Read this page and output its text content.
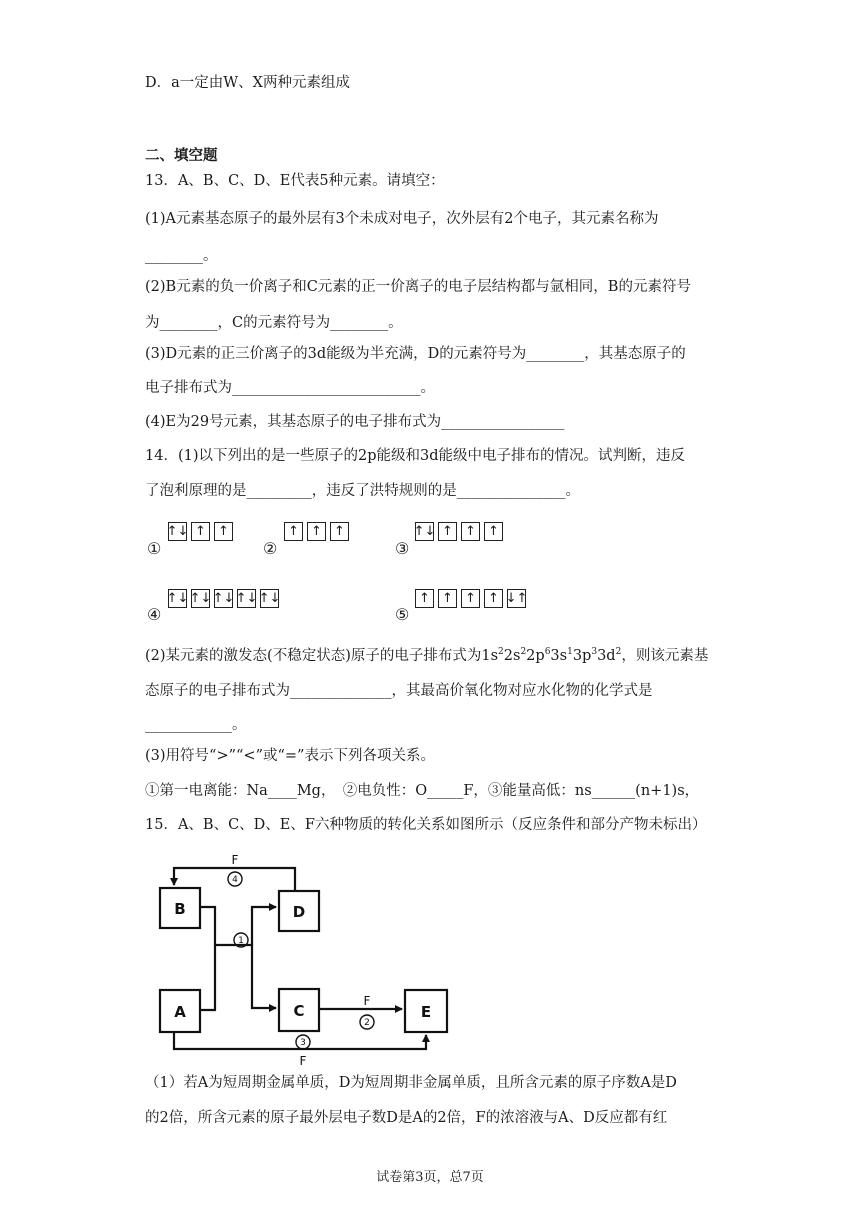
D．a一定由W、X两种元素组成
二、填空题
13．A、B、C、D、E代表5种元素。请填空：
(1)A元素基态原子的最外层有3个未成对电子，次外层有2个电子，其元素名称为
________。
(2)B元素的负一价离子和C元素的正一价离子的电子层结构都与氩相同，B的元素符号
为________，C的元素符号为________。
(3)D元素的正三价离子的3d能级为半充满，D的元素符号为________，其基态原子的
电子排布式为__________________________。
(4)E为29号元素，其基态原子的电子排布式为_________________
14．(1)以下列出的是一些原子的2p能级和3d能级中电子排布的情况。试判断，违反
了泡利原理的是_________，违反了洪特规则的是_______________。
①
↑↓ ↑ ↑
②
↑ ↑ ↑
③
↑↓ ↑ ↑ ↑
④
↑↓ ↑↓ ↑↓ ↑↓ ↑↓
⑤
↑ ↑ ↑ ↑ ↓↑
(2)某元素的激发态(不稳定状态)原子的电子排布式为$1s^22s^22p^63s^13p^33d^2$，则该元素基
态原子的电子排布式为______________，其最高价氧化物对应水化物的化学式是
____________。
(3)用符号“>”“<”或“=”表示下列各项关系。
①第一电离能：Na____Mg，　②电负性：O_____F，③能量高低：ns______(n+1)s，
15．A、B、C、D、E、F六种物质的转化关系如图所示（反应条件和部分产物未标出）
B	D
A	C	E
F
F
F
4
1
2
3
（1）若A为短周期金属单质，D为短周期非金属单质，且所含元素的原子序数A是D
的2倍，所含元素的原子最外层电子数D是A的2倍，F的浓溶液与A、D反应都有红
试卷第3页，总7页
